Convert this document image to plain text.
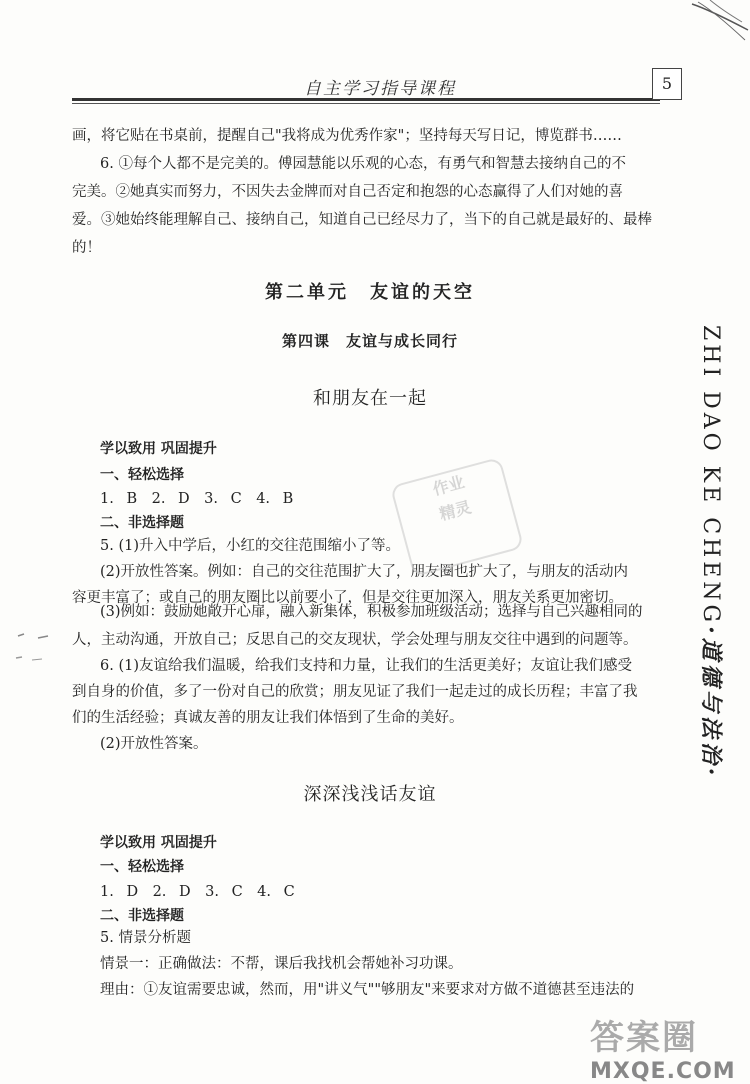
自主学习指导课程	5
ZHI DAO KE CHENG·道德与法治·
画，将它贴在书桌前，提醒自己"我将成为优秀作家"；坚持每天写日记，博览群书……
6. ①每个人都不是完美的。傅园慧能以乐观的心态，有勇气和智慧去接纳自己的不
完美。②她真实而努力，不因失去金牌而对自己否定和抱怨的心态赢得了人们对她的喜
爱。③她始终能理解自己、接纳自己，知道自己已经尽力了，当下的自己就是最好的、最棒
的！
第二单元　友谊的天空
第四课　友谊与成长同行
和朋友在一起
学以致用 巩固提升
一、轻松选择
1. B　2. D　3. C　4. B
二、非选择题
5. (1)升入中学后，小红的交往范围缩小了等。
(2)开放性答案。例如：自己的交往范围扩大了，朋友圈也扩大了，与朋友的活动内
容更丰富了；或自己的朋友圈比以前要小了，但是交往更加深入，朋友关系更加密切。
(3)例如：鼓励她敞开心扉，融入新集体，积极参加班级活动；选择与自己兴趣相同的
人，主动沟通，开放自己；反思自己的交友现状，学会处理与朋友交往中遇到的问题等。
6. (1)友谊给我们温暖，给我们支持和力量，让我们的生活更美好；友谊让我们感受
到自身的价值，多了一份对自己的欣赏；朋友见证了我们一起走过的成长历程；丰富了我
们的生活经验；真诚友善的朋友让我们体悟到了生命的美好。
(2)开放性答案。
作业
精灵
深深浅浅话友谊
学以致用 巩固提升
一、轻松选择
1. D　2. D　3. C　4. C
二、非选择题
5. 情景分析题
情景一：正确做法：不帮，课后我找机会帮她补习功课。
理由：①友谊需要忠诚，然而，用"讲义气""够朋友"来要求对方做不道德甚至违法的
答案圈
MXQE.COM
